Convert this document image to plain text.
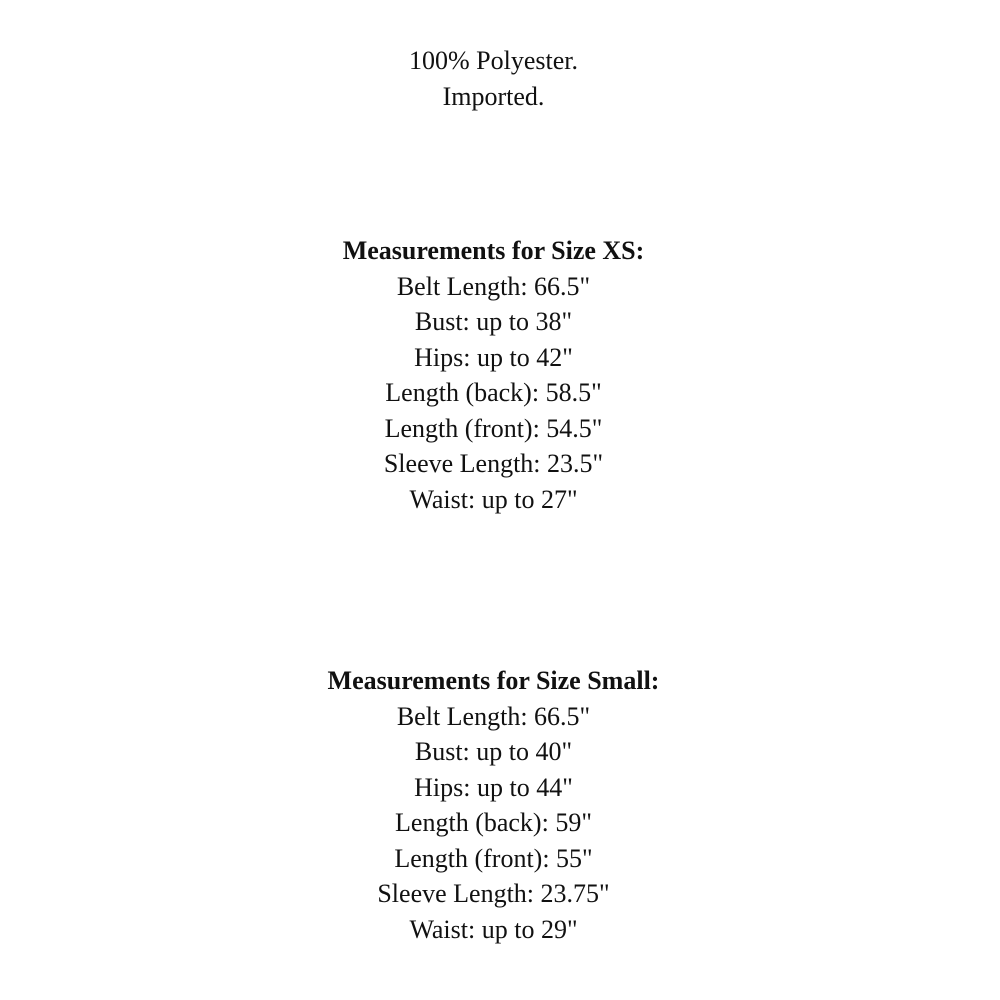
100% Polyester.
Imported.
Measurements for Size XS:
Belt Length: 66.5"
Bust: up to 38"
Hips: up to 42"
Length (back): 58.5"
Length (front): 54.5"
Sleeve Length: 23.5"
Waist: up to 27"
Measurements for Size Small:
Belt Length: 66.5"
Bust: up to 40"
Hips: up to 44"
Length (back): 59"
Length (front): 55"
Sleeve Length: 23.75"
Waist: up to 29"
